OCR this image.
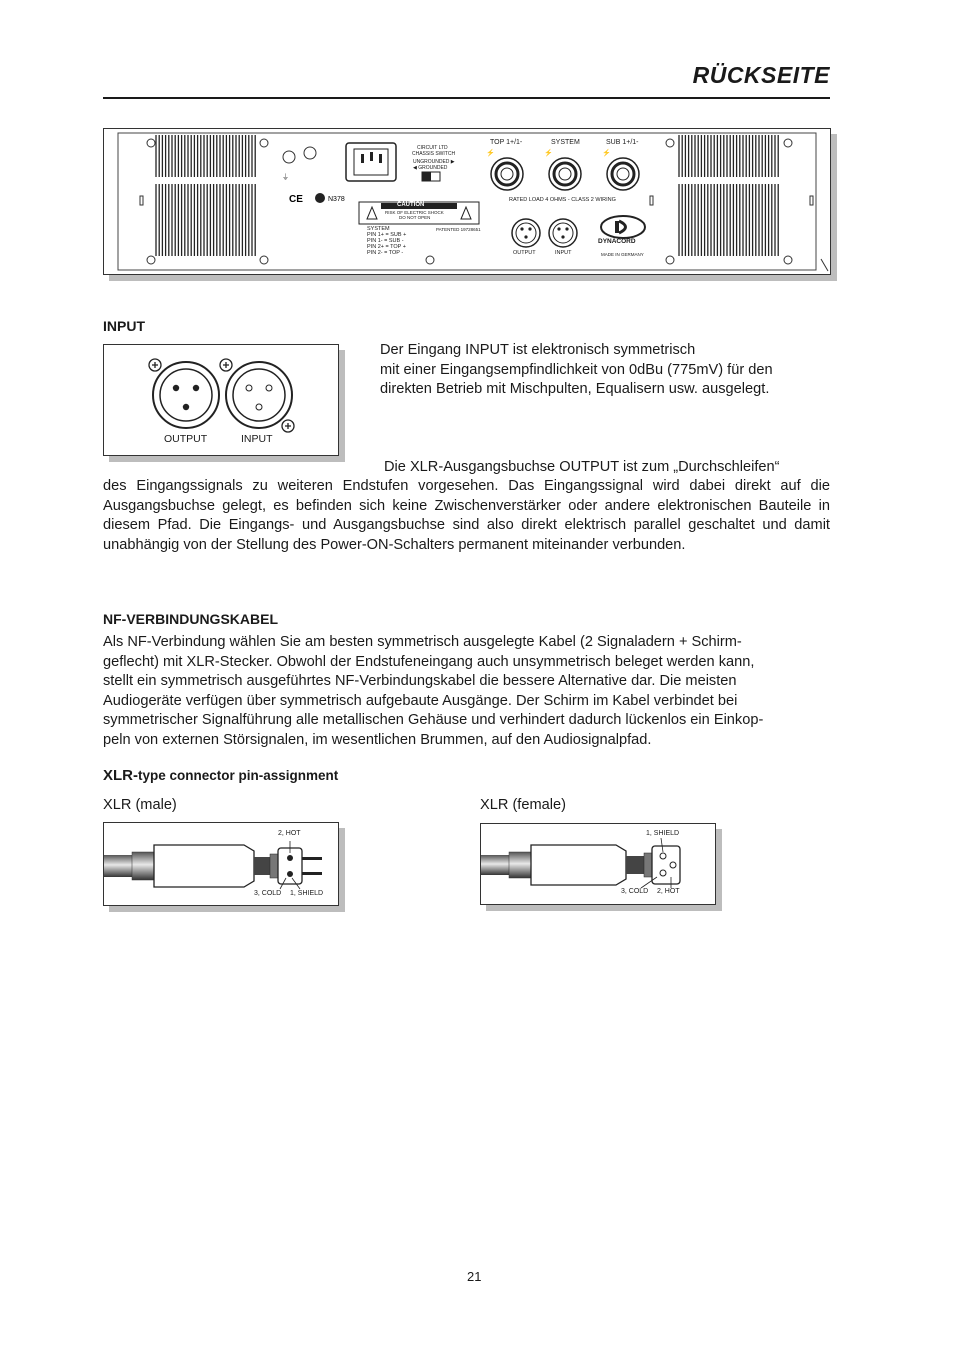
RÜCKSEITE
⏚
CE	N378
⚡	⚡	⚡
TOP 1+/1-	SYSTEM	SUB 1+/1-
CIRCUIT LTD
CHASSIS SWITCH
UNGROUNDED ▶
◀ GROUNDED
CAUTION
RISK OF ELECTRIC SHOCK
DO NOT OPEN
PATENTED 19728651
RATED LOAD 4 OHMS - CLASS 2 WIRING
OUTPUT	INPUT
DYNACORD
MADE IN GERMANY
SYSTEM
PIN 1+ = SUB +
PIN 1- = SUB -
PIN 2+ = TOP +
PIN 2- = TOP -
INPUT
OUTPUT	INPUT
Der Eingang INPUT ist elektronisch symmetrisch
mit einer Eingangsempfindlichkeit von 0dBu (775mV) für den
direkten Betrieb mit Mischpulten, Equalisern usw. ausgelegt.
Die XLR-Ausgangsbuchse OUTPUT ist zum „Durchschleifen“
des Eingangssignals zu weiteren Endstufen vorgesehen. Das Eingangssignal wird dabei direkt auf die Ausgangsbuchse gelegt, es befinden sich keine Zwischenverstärker oder andere elektronischen Bauteile in diesem Pfad. Die Eingangs- und Ausgangsbuchse sind also direkt elektrisch parallel geschaltet und damit unabhängig von der Stellung des Power-ON-Schalters permanent miteinander verbunden.
NF-VERBINDUNGSKABEL
Als NF-Verbindung wählen Sie am besten symmetrisch ausgelegte Kabel (2 Signaladern + Schirm-
geflecht) mit XLR-Stecker. Obwohl der Endstufeneingang auch unsymmetrisch beleget werden kann,
stellt ein symmetrisch ausgeführtes NF-Verbindungskabel die bessere Alternative dar. Die meisten
Audiogeräte verfügen über symmetrisch aufgebaute Ausgänge. Der Schirm im Kabel verbindet bei
symmetrischer Signalführung alle metallischen Gehäuse und verhindert dadurch lückenlos ein Einkop-
peln von externen Störsignalen, im wesentlichen Brummen, auf den Audiosignalpfad.
XLR-type connector pin-assignment
XLR (male)	XLR (female)
2, HOT
3, COLD 1, SHIELD
1, SHIELD
3, COLD 2, HOT
21
